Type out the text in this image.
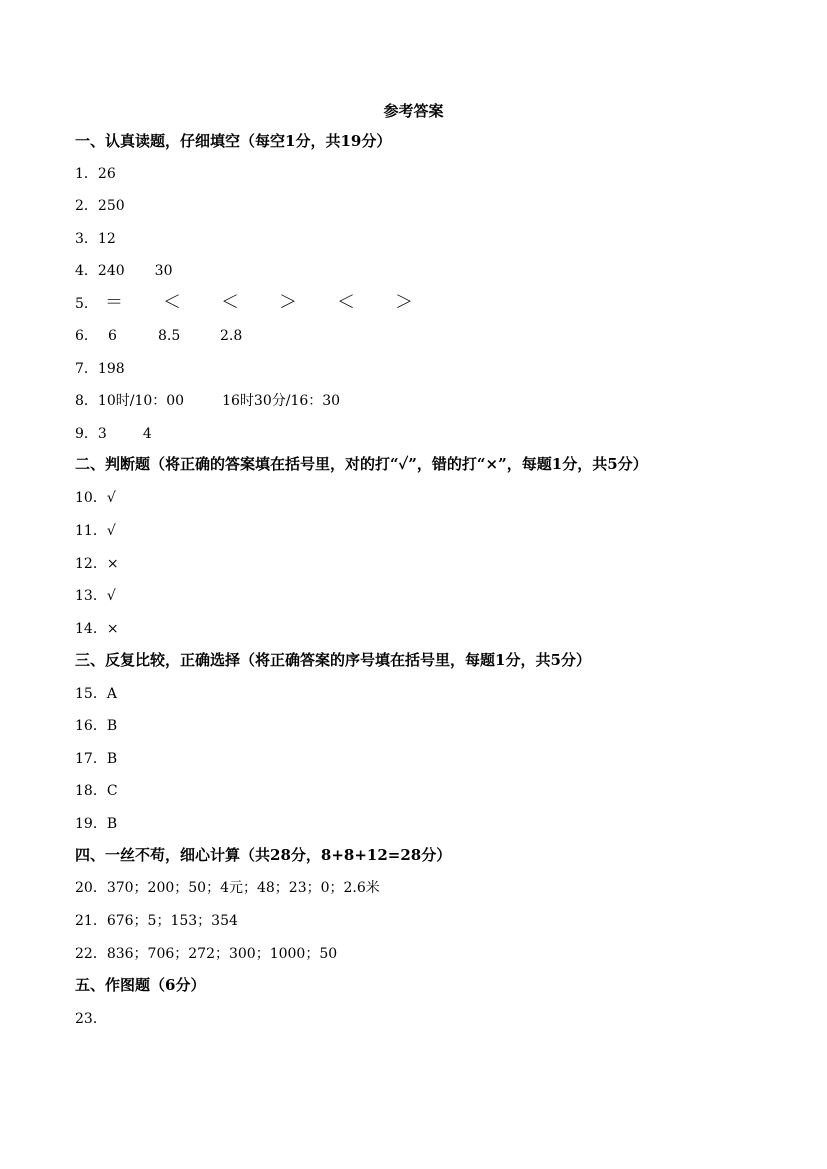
参考答案
一、认真读题，仔细填空（每空1分，共19分）
1．26
2．250
3．12
4．240 30
5． ＝ ＜ ＜ ＞ ＜ ＞
6． 6	8.5	2.8
7．198
8．10时/10：00	16时30分/16：30
9．3	4
二、判断题（将正确的答案填在括号里，对的打“✓”，错的打“×”，每题1分，共5分）
10．√
11．√
12．×
13．√
14．×
三、反复比较，正确选择（将正确答案的序号填在括号里，每题1分，共5分）
15．A
16．B
17．B
18．C
19．B
四、一丝不苟，细心计算（共28分，8+8+12=28分）
20．370；200；50；4元；48；23；0；2.6米
21．676；5；153；354
22．836；706；272；300；1000；50
五、作图题（6分）
23．
